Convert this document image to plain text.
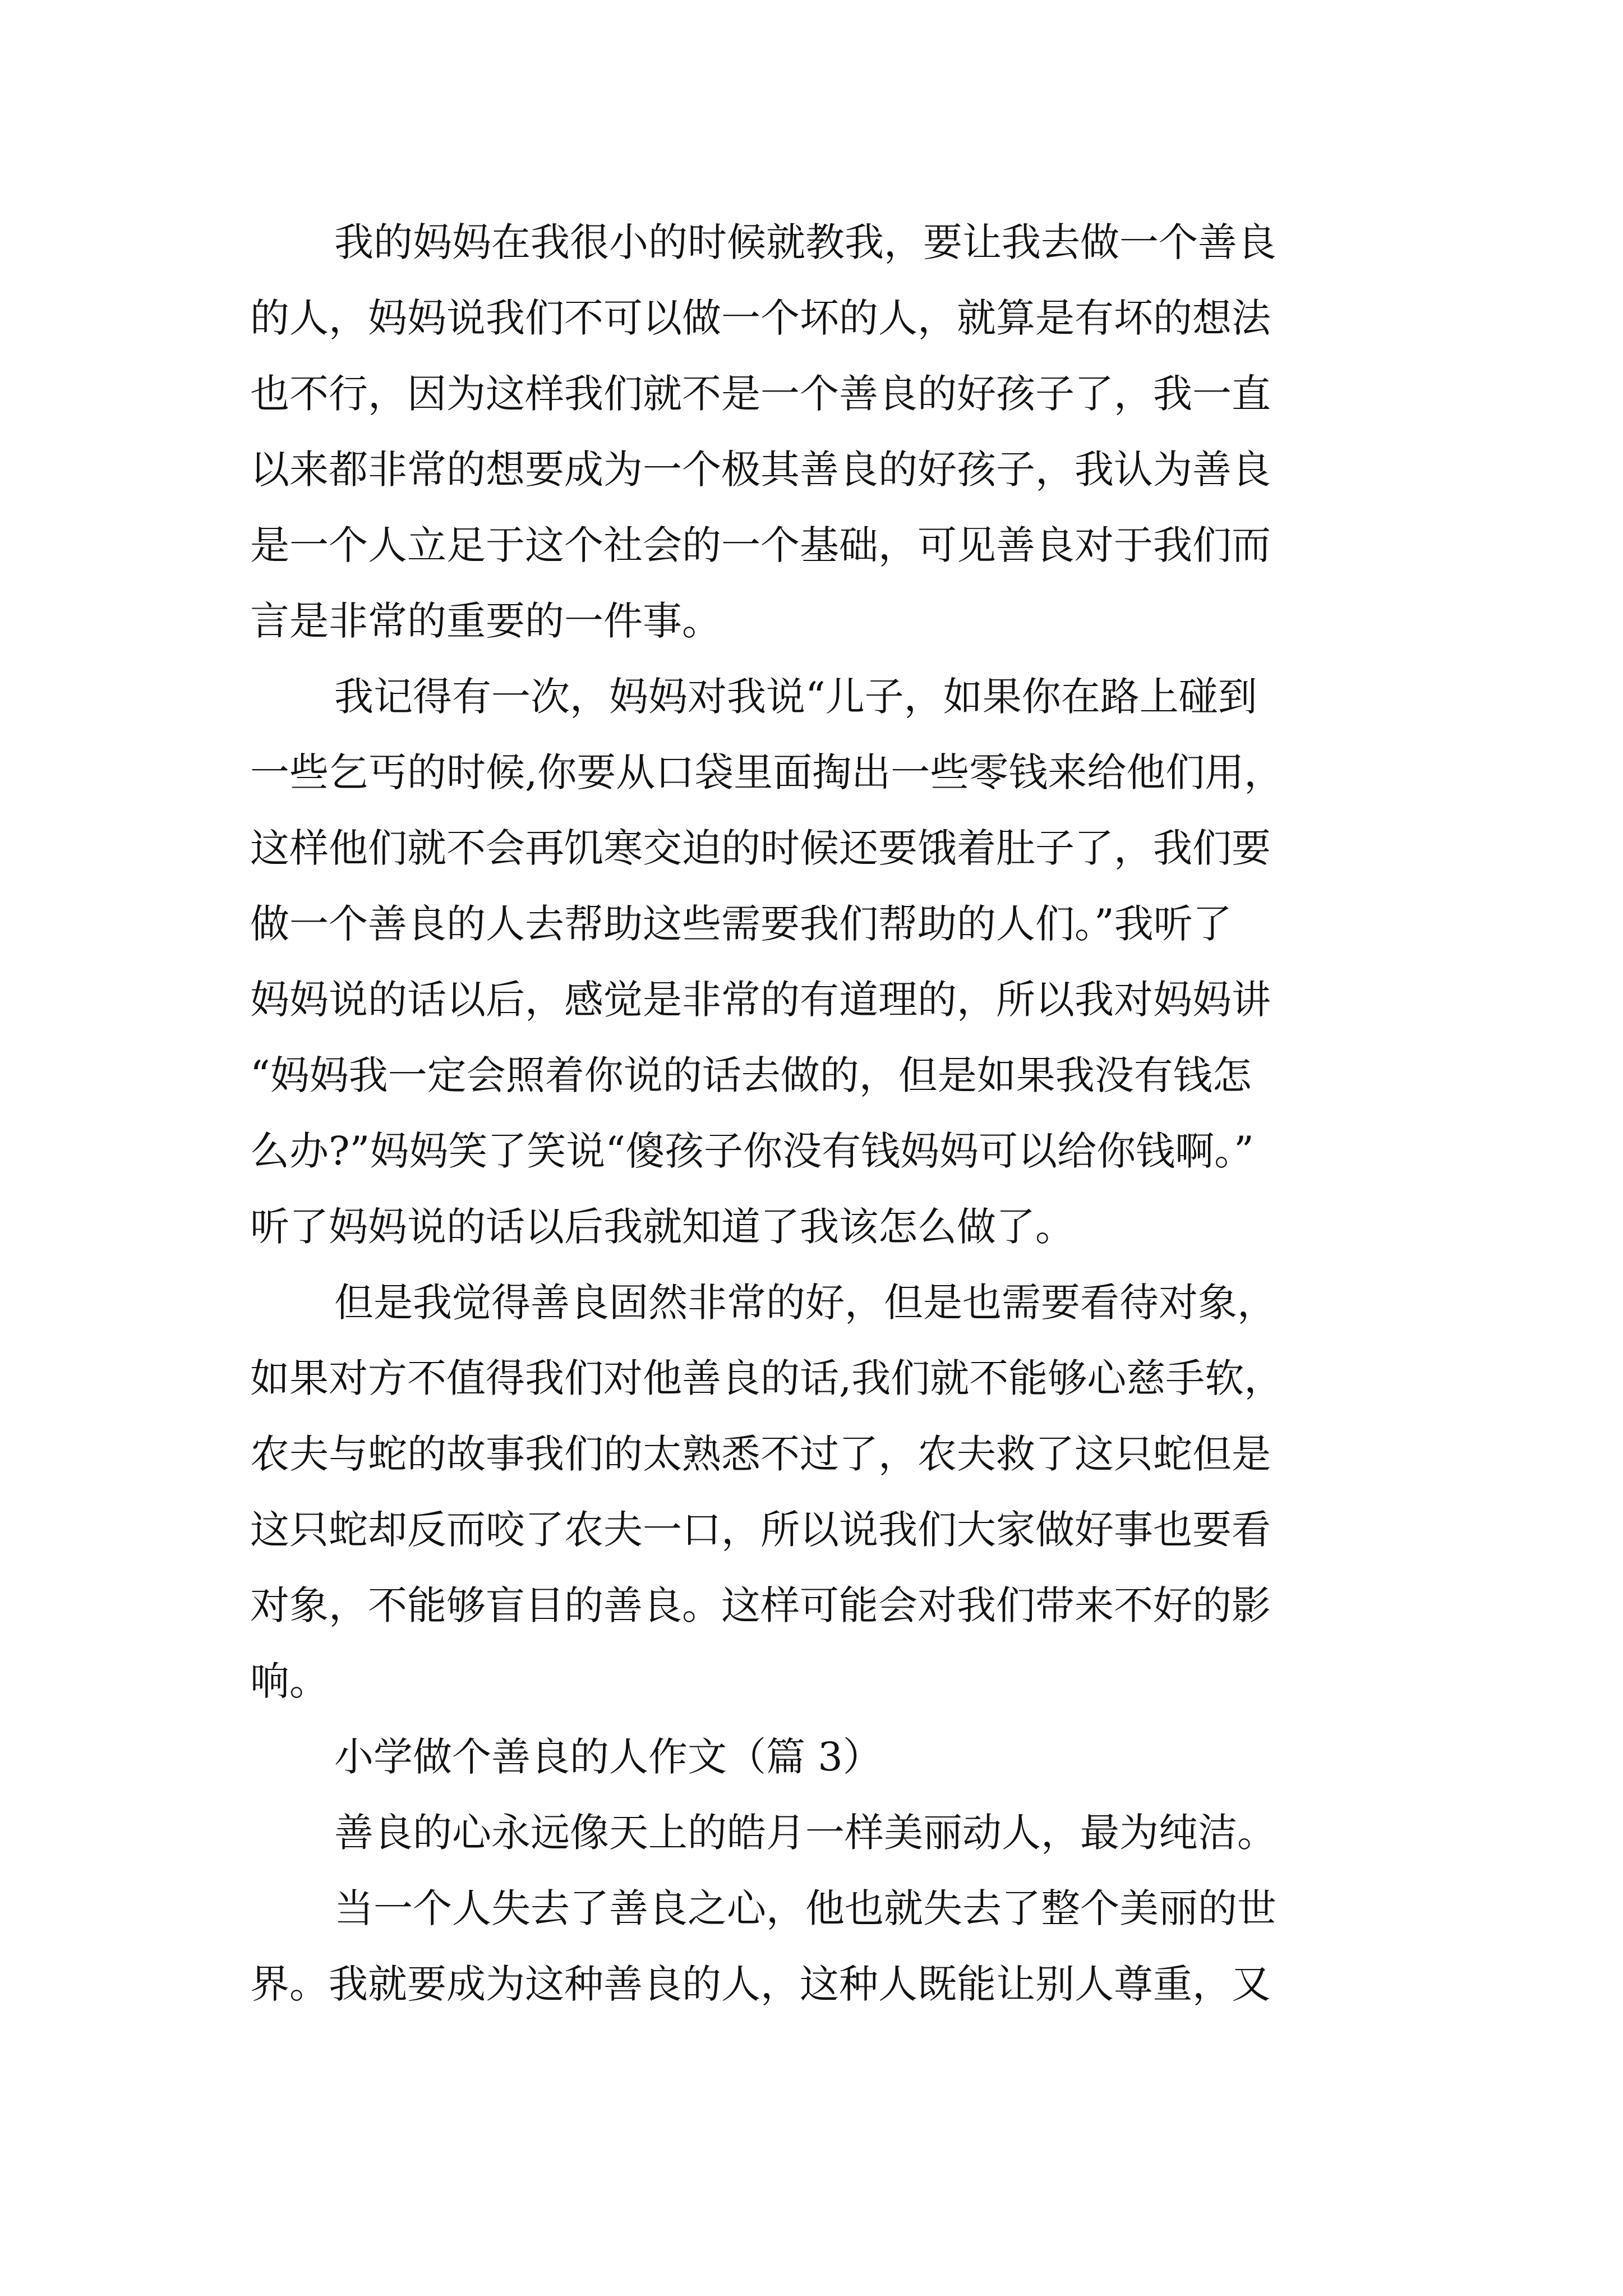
我的妈妈在我很小的时候就教我，要让我去做一个善良

的人，妈妈说我们不可以做一个坏的人，就算是有坏的想法

也不行，因为这样我们就不是一个善良的好孩子了，我一直

以来都非常的想要成为一个极其善良的好孩子，我认为善良

是一个人立足于这个社会的一个基础，可见善良对于我们而

言是非常的重要的一件事。

我记得有一次，妈妈对我说“儿子，如果你在路上碰到

一些乞丐的时候,你要从口袋里面掏出一些零钱来给他们用，

这样他们就不会再饥寒交迫的时候还要饿着肚子了，我们要

做一个善良的人去帮助这些需要我们帮助的人们。”我听了

妈妈说的话以后，感觉是非常的有道理的，所以我对妈妈讲

“妈妈我一定会照着你说的话去做的，但是如果我没有钱怎

么办?”妈妈笑了笑说“傻孩子你没有钱妈妈可以给你钱啊。”

听了妈妈说的话以后我就知道了我该怎么做了。

但是我觉得善良固然非常的好，但是也需要看待对象，

如果对方不值得我们对他善良的话,我们就不能够心慈手软，

农夫与蛇的故事我们的太熟悉不过了，农夫救了这只蛇但是

这只蛇却反而咬了农夫一口，所以说我们大家做好事也要看

对象，不能够盲目的善良。这样可能会对我们带来不好的影

响。

小学做个善良的人作文（篇 3）

善良的心永远像天上的皓月一样美丽动人，最为纯洁。

当一个人失去了善良之心，他也就失去了整个美丽的世

界。我就要成为这种善良的人，这种人既能让别人尊重，又
